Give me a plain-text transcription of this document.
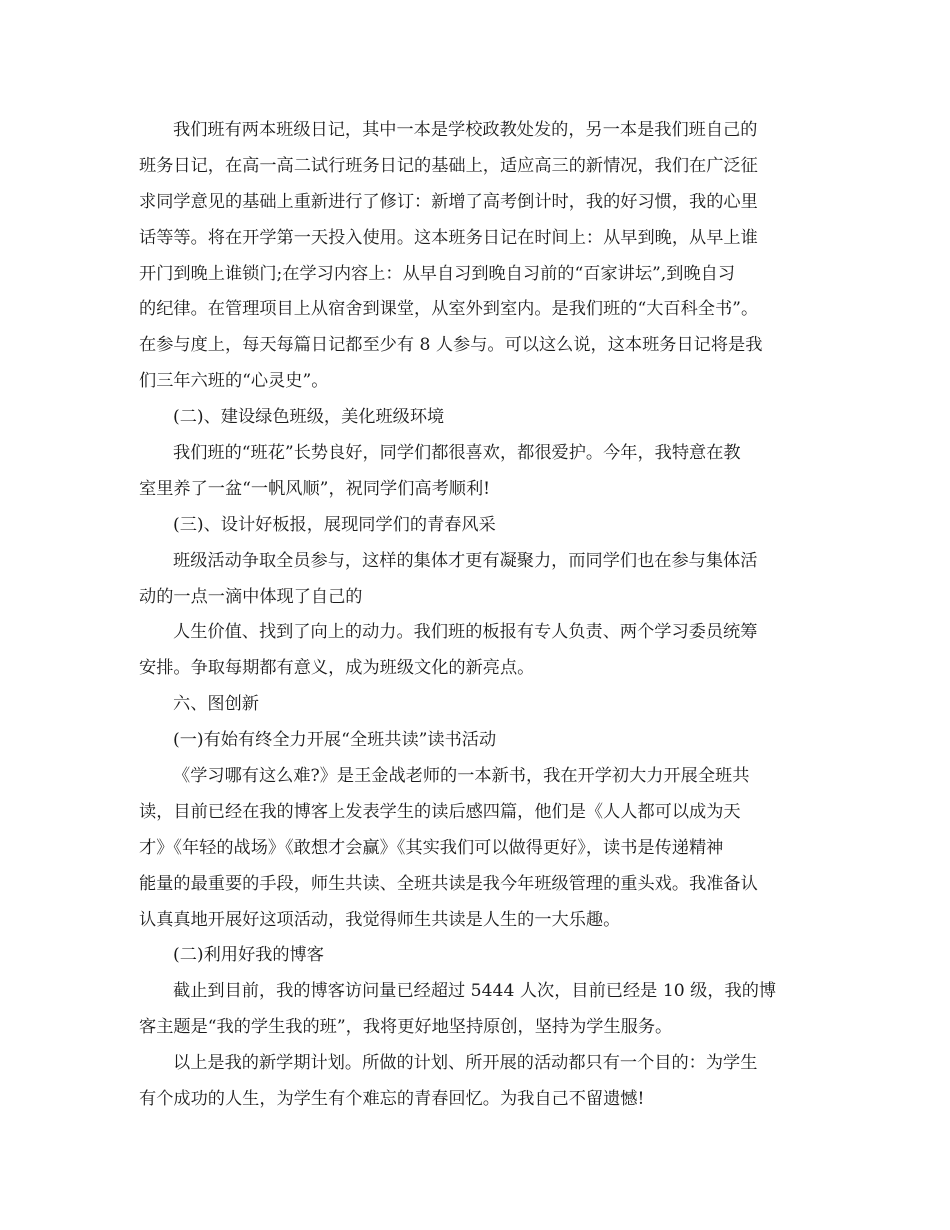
我们班有两本班级日记，其中一本是学校政教处发的，另一本是我们班自己的
班务日记，在高一高二试行班务日记的基础上，适应高三的新情况，我们在广泛征
求同学意见的基础上重新进行了修订：新增了高考倒计时，我的好习惯，我的心里
话等等。将在开学第一天投入使用。这本班务日记在时间上：从早到晚，从早上谁
开门到晚上谁锁门;在学习内容上：从早自习到晚自习前的“百家讲坛”,到晚自习
的纪律。在管理项目上从宿舍到课堂，从室外到室内。是我们班的“大百科全书”。
在参与度上，每天每篇日记都至少有 8 人参与。可以这么说，这本班务日记将是我
们三年六班的“心灵史”。
(二)、建设绿色班级，美化班级环境
我们班的“班花”长势良好，同学们都很喜欢，都很爱护。今年，我特意在教
室里养了一盆“一帆风顺”，祝同学们高考顺利!
(三)、设计好板报，展现同学们的青春风采
班级活动争取全员参与，这样的集体才更有凝聚力，而同学们也在参与集体活
动的一点一滴中体现了自己的
人生价值、找到了向上的动力。我们班的板报有专人负责、两个学习委员统筹
安排。争取每期都有意义，成为班级文化的新亮点。
六、图创新
(一)有始有终全力开展“全班共读”读书活动
《学习哪有这么难?》是王金战老师的一本新书，我在开学初大力开展全班共
读，目前已经在我的博客上发表学生的读后感四篇，他们是《人人都可以成为天
才》《年轻的战场》《敢想才会赢》《其实我们可以做得更好》，读书是传递精神
能量的最重要的手段，师生共读、全班共读是我今年班级管理的重头戏。我准备认
认真真地开展好这项活动，我觉得师生共读是人生的一大乐趣。
(二)利用好我的博客
截止到目前，我的博客访问量已经超过 5444 人次，目前已经是 10 级，我的博
客主题是“我的学生我的班”，我将更好地坚持原创，坚持为学生服务。
以上是我的新学期计划。所做的计划、所开展的活动都只有一个目的：为学生
有个成功的人生，为学生有个难忘的青春回忆。为我自己不留遗憾!
